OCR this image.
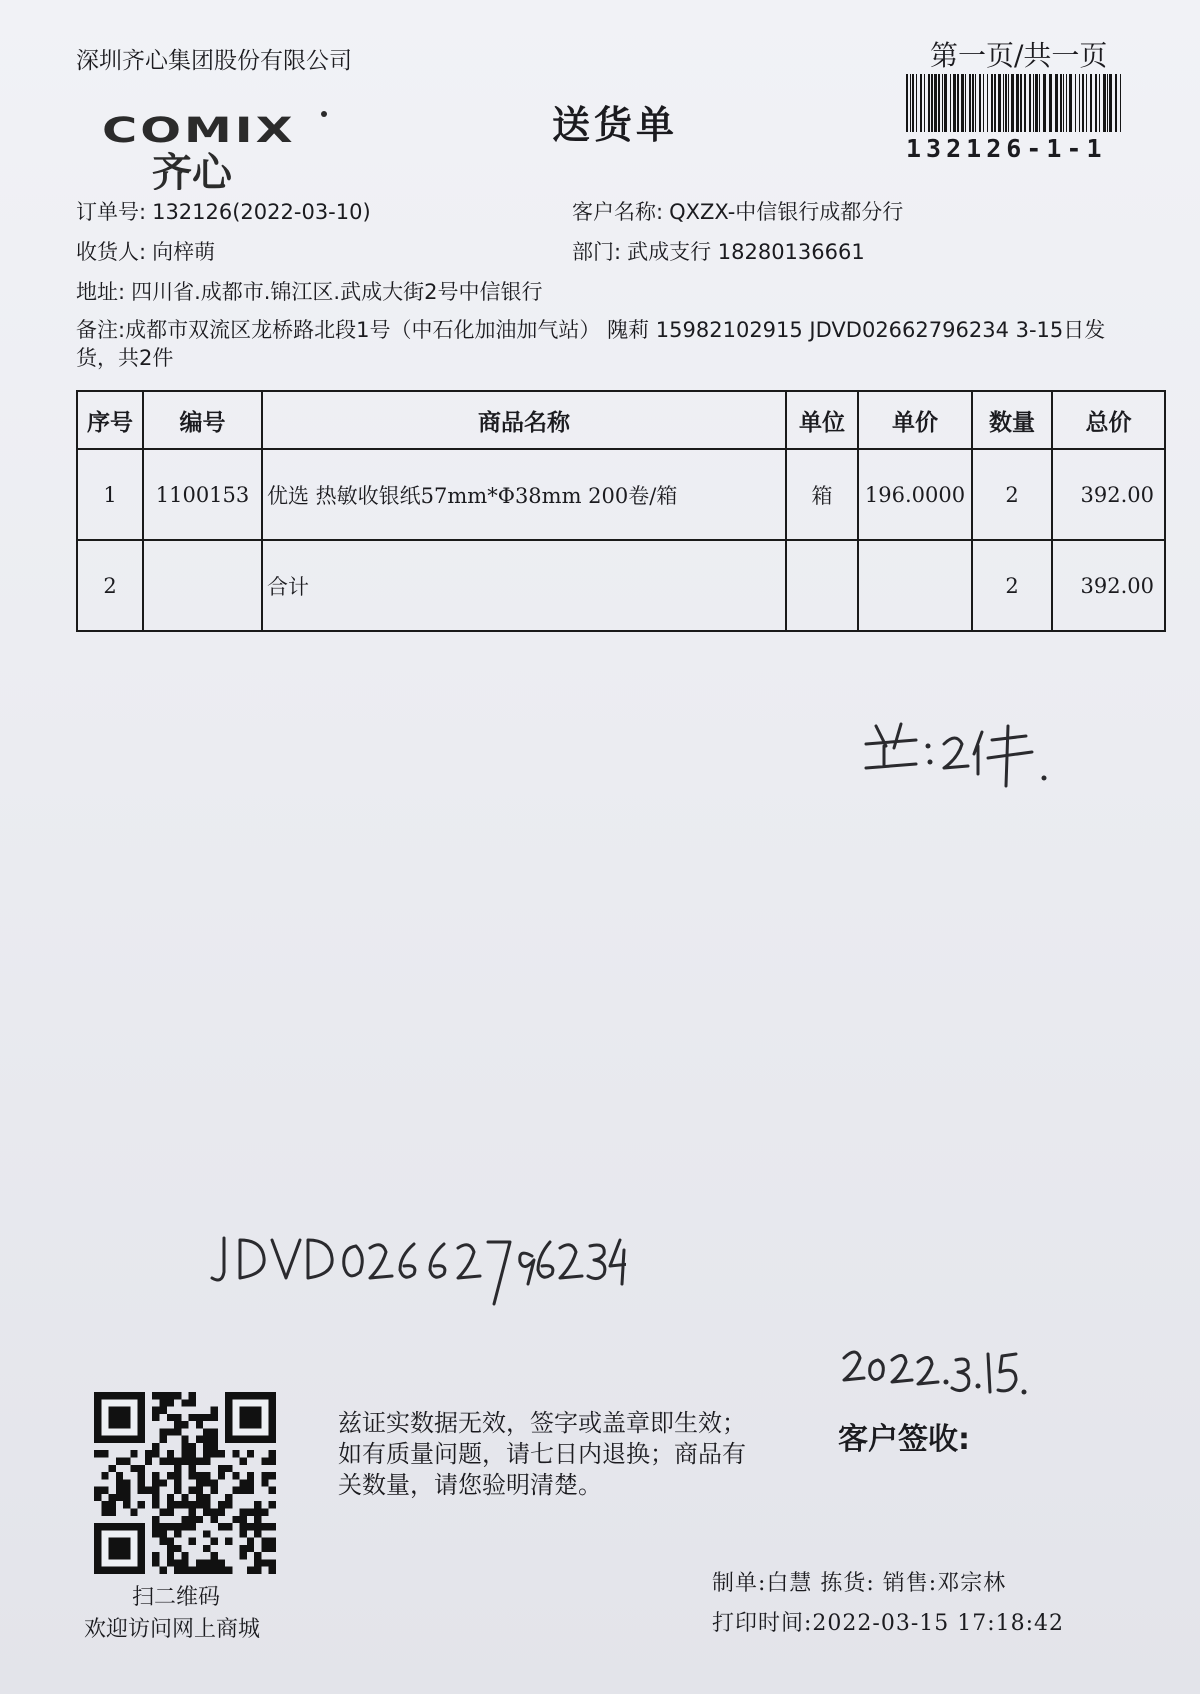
深圳齐心集团股份有限公司	第一页/共一页
送货单
COMIX
齐心
132126-1-1
订单号: 132126(2022-03-10)	客户名称: QXZX-中信银行成都分行
收货人: 向梓萌	部门: 武成支行 18280136661
地址: 四川省.成都市.锦江区.武成大街2号中信银行
备注:成都市双流区龙桥路北段1号（中石化加油加气站） 隗莉 15982102915 JDVD02662796234 3-15日发货，共2件
序号	编号	商品名称	单位	单价	数量	总价
1	1100153	优选 热敏收银纸57mm*Φ38mm 200卷/箱	箱	196.0000	2	392.00
2		合计			2	392.00
扫二维码
欢迎访问网上商城
兹证实数据无效，签字或盖章即生效；如有质量问题，请七日内退换；商品有关数量，请您验明清楚。
客户签收:
制单:白慧 拣货: 销售:邓宗林
打印时间:2022-03-15 17:18:42
